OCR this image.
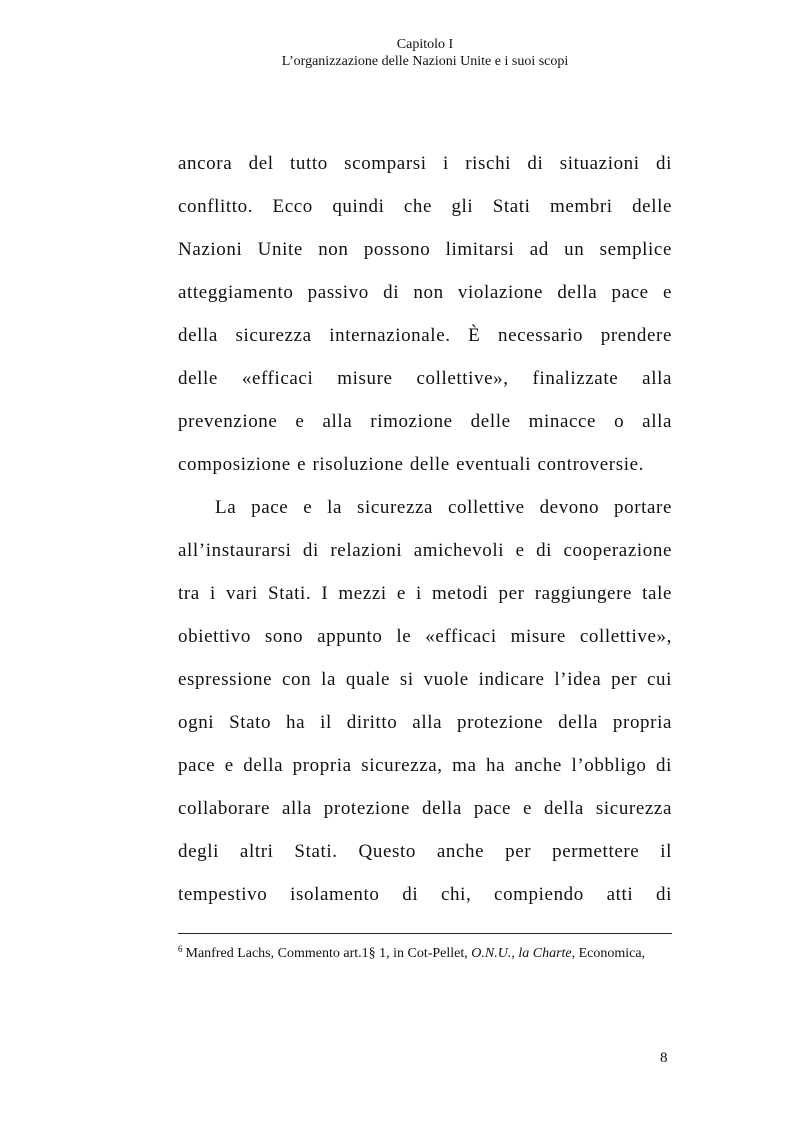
Capitolo I
L’organizzazione delle Nazioni Unite e i suoi scopi
ancora del tutto scomparsi i rischi di situazioni di
conflitto. Ecco quindi che gli Stati membri delle
Nazioni Unite non possono limitarsi ad un semplice
atteggiamento passivo di non violazione della pace e
della sicurezza internazionale. È necessario prendere
delle «efficaci misure collettive», finalizzate alla
prevenzione e alla rimozione delle minacce o alla
composizione e risoluzione delle eventuali controversie.
La pace e la sicurezza collettive devono portare
all’instaurarsi di relazioni amichevoli e di cooperazione
tra i vari Stati. I mezzi e i metodi per raggiungere tale
obiettivo sono appunto le «efficaci misure collettive»,
espressione con la quale si vuole indicare l’idea per cui
ogni Stato ha il diritto alla protezione della propria
pace e della propria sicurezza, ma ha anche l’obbligo di
collaborare alla protezione della pace e della sicurezza
degli altri Stati. Questo anche per permettere il
tempestivo isolamento di chi, compiendo atti di
$^6$ Manfred Lachs, Commento art.1§ 1, in Cot-Pellet, O.N.U., la Charte, Economica,
8
